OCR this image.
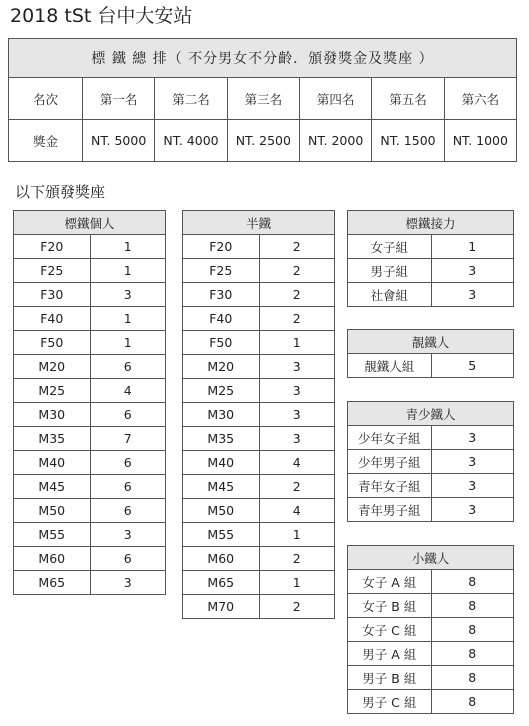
2018 tSt 台中大安站
標 鐵 總 排（ 不分男女不分齡．頒發獎金及獎座 ）						
名次	第一名	第二名	第三名	第四名	第五名	第六名
獎金	NT. 5000	NT. 4000	NT. 2500	NT. 2000	NT. 1500	NT. 1000
以下頒發獎座
標鐵個人	
F20	1
F25	1
F30	3
F40	1
F50	1
M20	6
M25	4
M30	6
M35	7
M40	6
M45	6
M50	6
M55	3
M60	6
M65	3
半鐵	
F20	2
F25	2
F30	2
F40	2
F50	1
M20	3
M25	3
M30	3
M35	3
M40	4
M45	2
M50	4
M55	1
M60	2
M65	1
M70	2
標鐵接力	
女子組	1
男子組	3
社會組	3
靚鐵人
靚鐵人組	5
青少鐵人	
少年女子組	3
少年男子組	3
青年女子組	3
青年男子組	3
小鐵人	
女子 A 組	8
女子 B 組	8
女子 C 組	8
男子 A 組	8
男子 B 組	8
男子 C 組	8
